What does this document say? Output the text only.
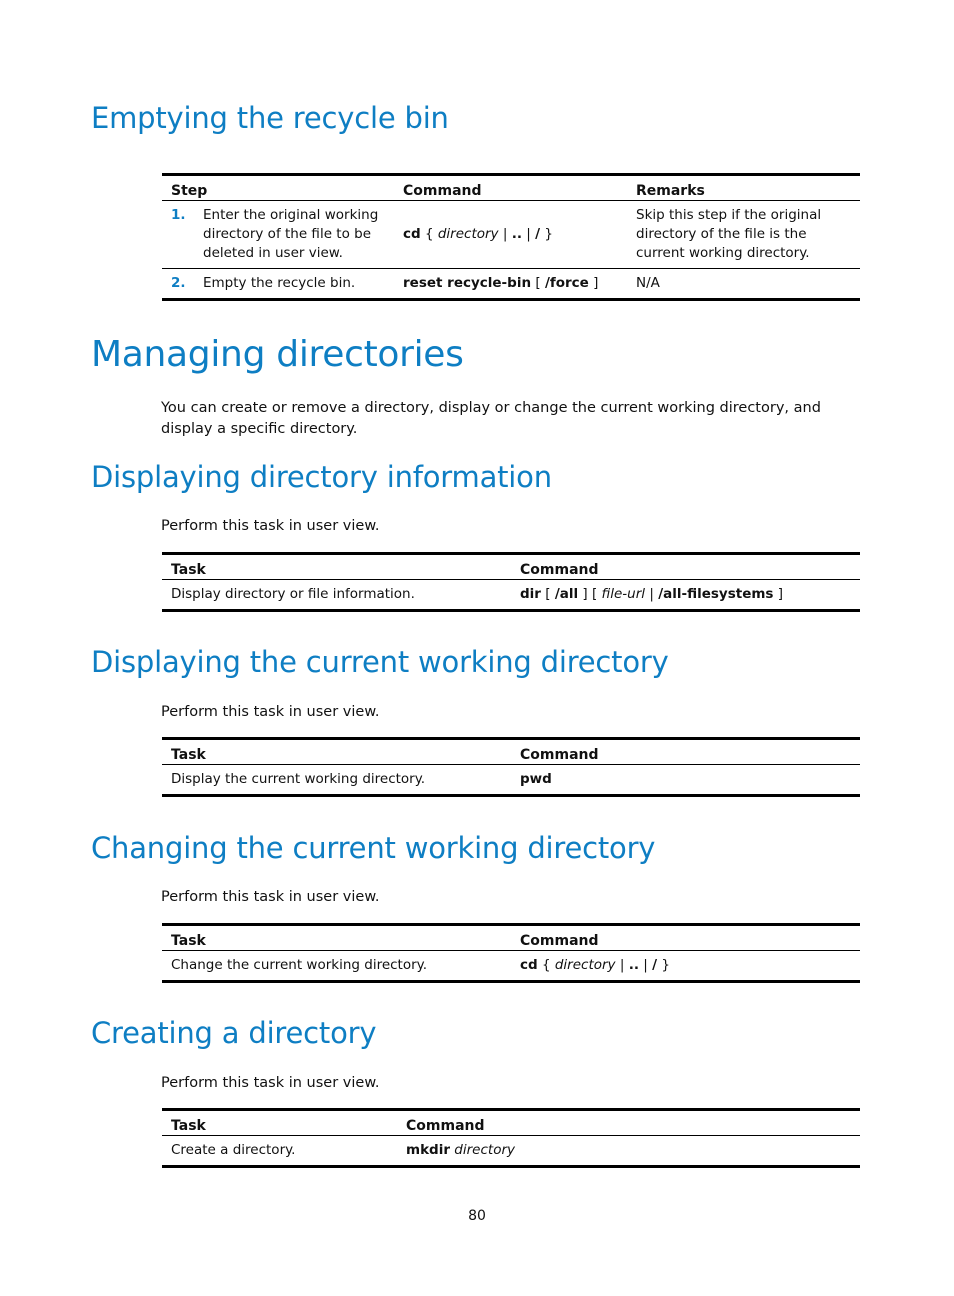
Emptying the recycle bin
Step	Command	Remarks
1. Enter the original working directory of the file to be deleted in user view.	cd { directory | .. | / }	Skip this step if the original directory of the file is the current working directory.
2. Empty the recycle bin.	reset recycle-bin [ /force ]	N/A
Managing directories

You can create or remove a directory, display or change the current working directory, and display a specific directory.

Displaying directory information

Perform this task in user view.

Task	Command
Display directory or file information.	dir [ /all ] [ file-url | /all-filesystems ]
Displaying the current working directory

Perform this task in user view.

Task	Command
Display the current working directory.	pwd
Changing the current working directory

Perform this task in user view.

Task	Command
Change the current working directory.	cd { directory | .. | / }
Creating a directory

Perform this task in user view.

Task	Command
Create a directory.	mkdir directory

80
